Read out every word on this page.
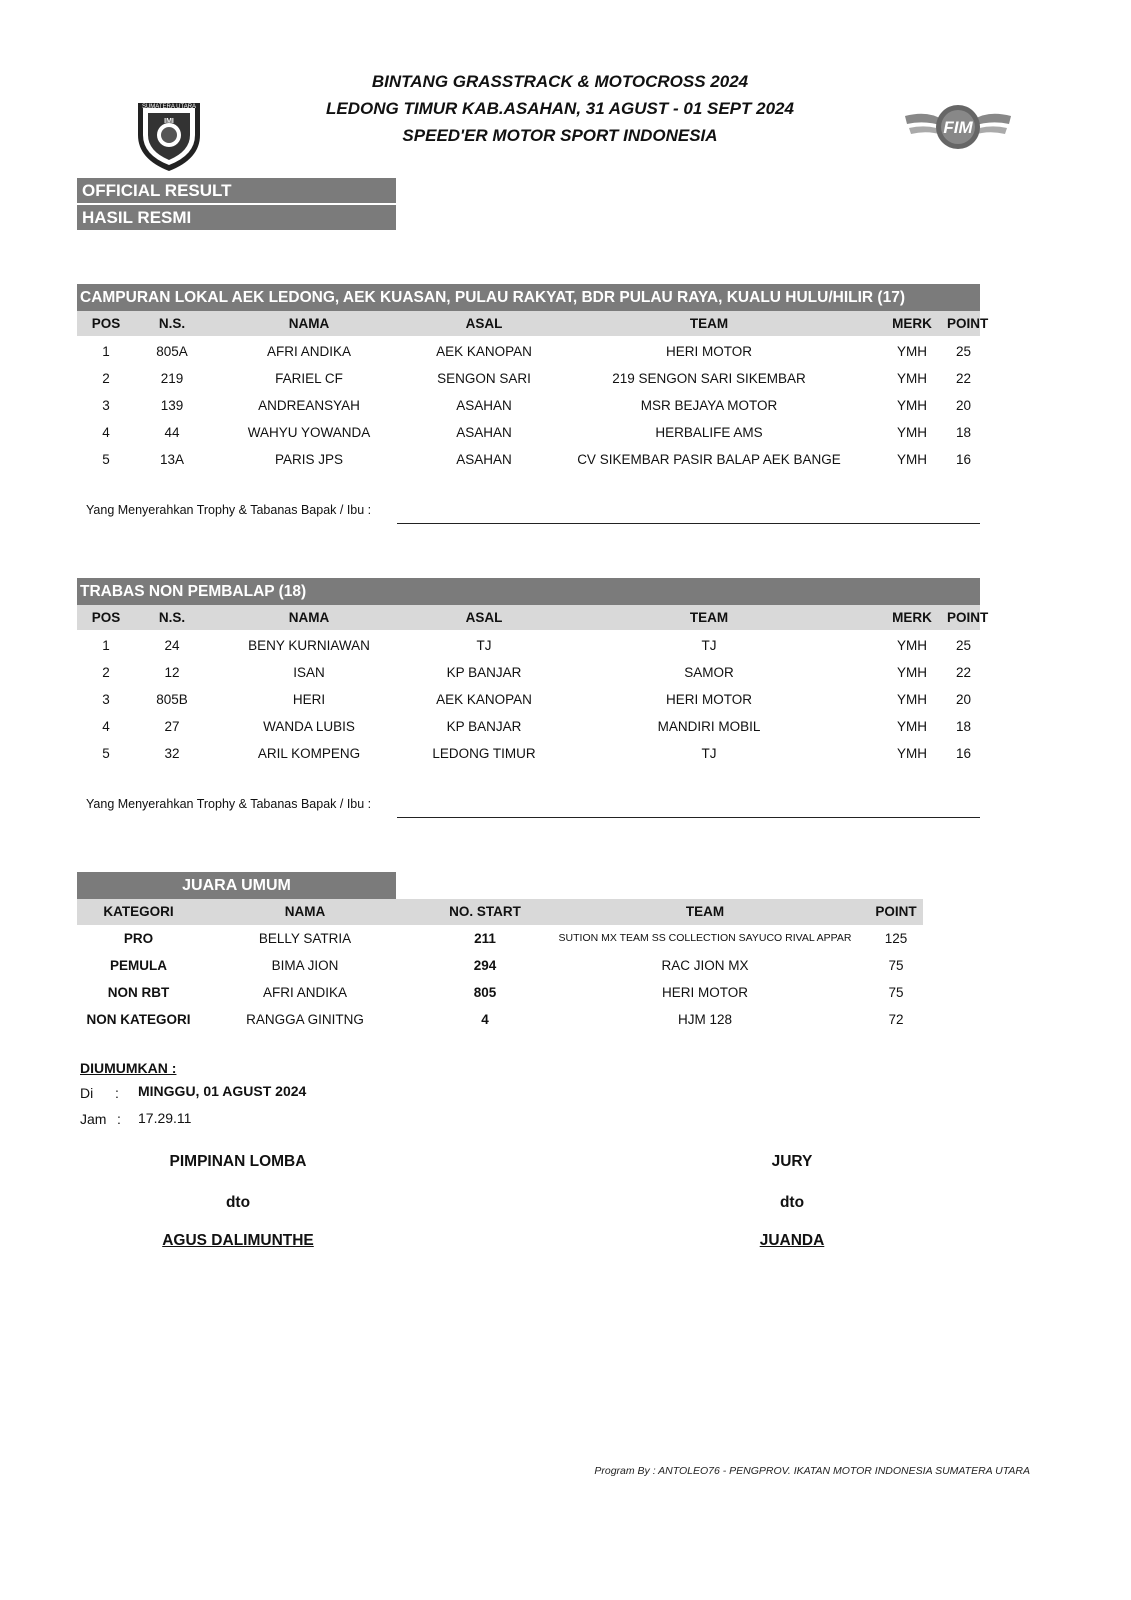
SUMATERA UTARA
IMI
BINTANG GRASSTRACK & MOTOCROSS 2024
LEDONG TIMUR KAB.ASAHAN, 31 AGUST - 01 SEPT 2024
SPEED'ER MOTOR SPORT INDONESIA	FIM
OFFICIAL RESULT
HASIL RESMI
CAMPURAN LOKAL AEK LEDONG, AEK KUASAN, PULAU RAKYAT, BDR PULAU RAYA, KUALU HULU/HILIR (17)
POS	N.S.	NAMA	ASAL	TEAM	MERK	POINT
1	805A	AFRI ANDIKA	AEK KANOPAN	HERI MOTOR	YMH	25
2	219	FARIEL CF	SENGON SARI	219 SENGON SARI SIKEMBAR	YMH	22
3	139	ANDREANSYAH	ASAHAN	MSR BEJAYA MOTOR	YMH	20
4	44	WAHYU YOWANDA	ASAHAN	HERBALIFE AMS	YMH	18
5	13A	PARIS JPS	ASAHAN	CV SIKEMBAR PASIR BALAP AEK BANGE	YMH	16
Yang Menyerahkan Trophy & Tabanas Bapak / Ibu :
TRABAS NON PEMBALAP (18)
POS	N.S.	NAMA	ASAL	TEAM	MERK	POINT
1	24	BENY KURNIAWAN	TJ	TJ	YMH	25
2	12	ISAN	KP BANJAR	SAMOR	YMH	22
3	805B	HERI	AEK KANOPAN	HERI MOTOR	YMH	20
4	27	WANDA LUBIS	KP BANJAR	MANDIRI MOBIL	YMH	18
5	32	ARIL KOMPENG	LEDONG TIMUR	TJ	YMH	16
Yang Menyerahkan Trophy & Tabanas Bapak / Ibu :
JUARA UMUM
KATEGORI	NAMA	NO. START	TEAM	POINT
PRO	BELLY SATRIA	211	SUTION MX TEAM SS COLLECTION SAYUCO RIVAL APPAR	125
PEMULA	BIMA JION	294	RAC JION MX	75
NON RBT	AFRI ANDIKA	805	HERI MOTOR	75
NON KATEGORI	RANGGA GINITNG	4	HJM 128	72
DIUMUMKAN :
Di : MINGGU, 01 AGUST 2024
Jam : 17.29.11
PIMPINAN LOMBA
dto
AGUS DALIMUNTHE
JURY
dto
JUANDA
Program By : ANTOLEO76 - PENGPROV. IKATAN MOTOR INDONESIA SUMATERA UTARA
